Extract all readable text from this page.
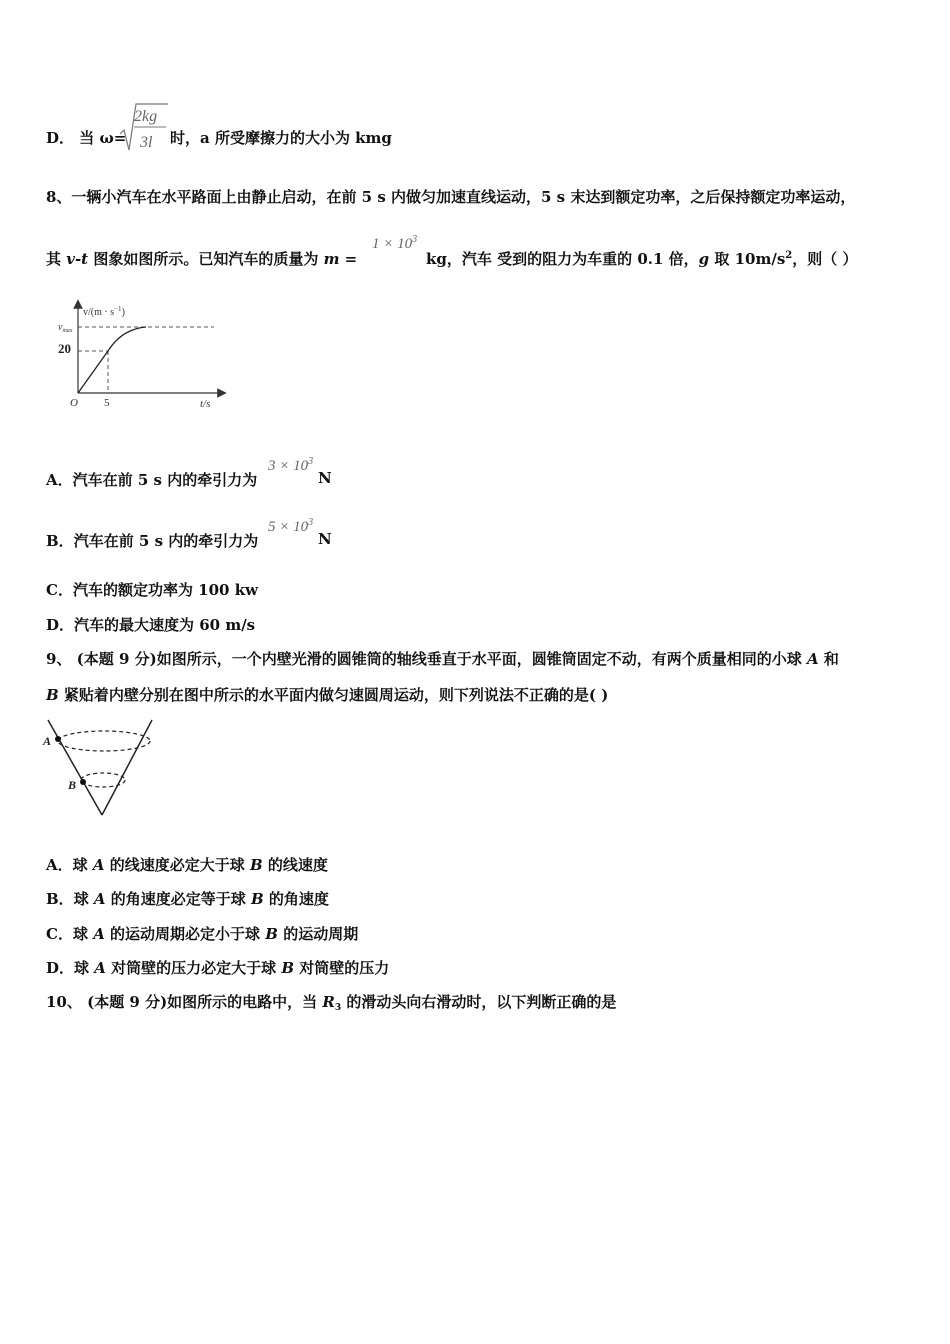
D． 当 ω=
2kg
3l 时，a 所受摩擦力的大小为 kmg
8、一辆小汽车在水平路面上由静止启动，在前 5 s 内做匀加速直线运动，5 s 末达到额定功率，之后保持额定功率运动，
其 v-t 图象如图所示。已知汽车的质量为 m =
$1 \times 10^3$
kg，汽车 受到的阻力为车重的 0.1 倍，g 取 $10m/s^2$，则（ ）
$v/(m \cdot s^{-1})$
$v_{max}$
20
O 5	t/s
A．汽车在前 5 s 内的牵引力为
$3 \times 10^3$
N
B．汽车在前 5 s 内的牵引力为
$5 \times 10^3$
N
C．汽车的额定功率为 100 kw
D．汽车的最大速度为 60 m/s
9、 (本题 9 分)如图所示，一个内壁光滑的圆锥筒的轴线垂直于水平面，圆锥筒固定不动，有两个质量相同的小球 A 和
B 紧贴着内壁分别在图中所示的水平面内做匀速圆周运动，则下列说法不正确的是( )
A
B
A．球 A 的线速度必定大于球 B 的线速度
B．球 A 的角速度必定等于球 B 的角速度
C．球 A 的运动周期必定小于球 B 的运动周期
D．球 A 对筒壁的压力必定大于球 B 对筒壁的压力
10、 (本题 9 分)如图所示的电路中，当 $R_3$ 的滑动头向右滑动时，以下判断正确的是
